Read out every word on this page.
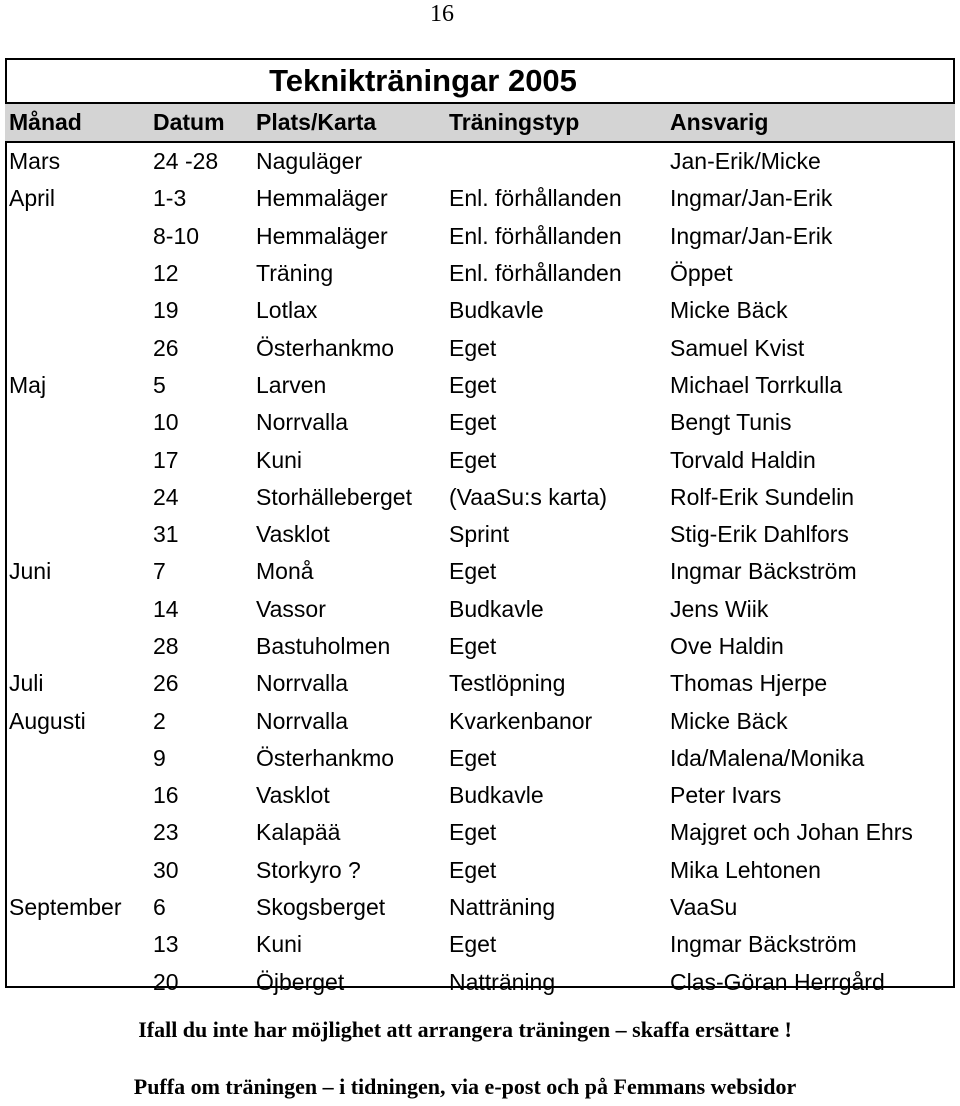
16
Teknikträningar 2005
Månad	Datum	Plats/Karta	Träningstyp	Ansvarig
Mars	24 -28	Naguläger		Jan-Erik/Micke
April	1-3	Hemmaläger	Enl. förhållanden	Ingmar/Jan-Erik
	8-10	Hemmaläger	Enl. förhållanden	Ingmar/Jan-Erik
	12	Träning	Enl. förhållanden	Öppet
	19	Lotlax	Budkavle	Micke Bäck
	26	Österhankmo	Eget	Samuel Kvist
Maj	5	Larven	Eget	Michael Torrkulla
	10	Norrvalla	Eget	Bengt Tunis
	17	Kuni	Eget	Torvald Haldin
	24	Storhälleberget	(VaaSu:s karta)	Rolf-Erik Sundelin
	31	Vasklot	Sprint	Stig-Erik Dahlfors
Juni	7	Monå	Eget	Ingmar Bäckström
	14	Vassor	Budkavle	Jens Wiik
	28	Bastuholmen	Eget	Ove Haldin
Juli	26	Norrvalla	Testlöpning	Thomas Hjerpe
Augusti	2	Norrvalla	Kvarkenbanor	Micke Bäck
	9	Österhankmo	Eget	Ida/Malena/Monika
	16	Vasklot	Budkavle	Peter Ivars
	23	Kalapää	Eget	Majgret och Johan Ehrs
	30	Storkyro ?	Eget	Mika Lehtonen
September	6	Skogsberget	Natträning	VaaSu
	13	Kuni	Eget	Ingmar Bäckström
	20	Öjberget	Natträning	Clas-Göran Herrgård
Ifall du inte har möjlighet att arrangera träningen – skaffa ersättare !
Puffa om träningen – i tidningen, via e-post och på Femmans websidor
